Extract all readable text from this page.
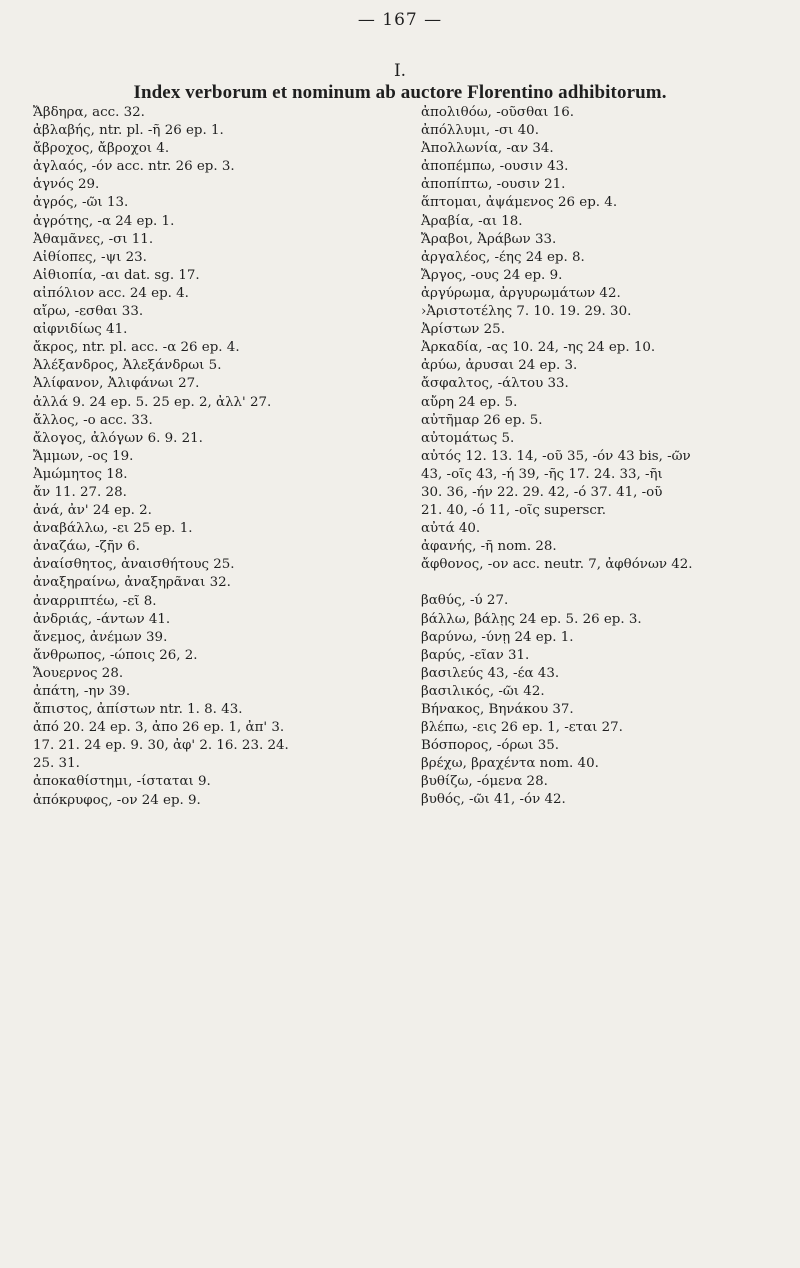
— 167 —
I.
Index verborum et nominum ab auctore Florentino adhibitorum.
Ἄβδηρα, acc. 32.
ἀβλαβής, ntr. pl. -ῆ 26 ep. 1.
ἄβροχος, ἄβροχοι 4.
ἀγλαός, -όν acc. ntr. 26 ep. 3.
ἁγνός 29.
ἀγρός, -ῶι 13.
ἀγρότης, -α 24 ep. 1.
Ἀθαμᾶνες, -σι 11.
Αἰθίοπες, -ψι 23.
Αἰθιοπία, -αι dat. sg. 17.
αἰπόλιον acc. 24 ep. 4.
αἴρω, -εσθαι 33.
αἰφνιδίως 41.
ἄκρος, ntr. pl. acc. -α 26 ep. 4.
Ἀλέξανδρος, Ἀλεξάνδρωι 5.
Ἀλίφανον, Ἀλιφάνωι 27.
ἀλλά 9. 24 ep. 5. 25 ep. 2, ἀλλ' 27.
ἄλλος, -ο acc. 33.
ἄλογος, ἀλόγων 6. 9. 21.
Ἄμμων, -ος 19.
Ἀμώμητος 18.
ἄν 11. 27. 28.
ἀνά, ἀν' 24 ep. 2.
ἀναβάλλω, -ει 25 ep. 1.
ἀναζάω, -ζῆν 6.
ἀναίσθητος, ἀναισθήτους 25.
ἀναξηραίνω, ἀναξηρᾶναι 32.
ἀναρριπτέω, -εῖ 8.
ἀνδριάς, -άντων 41.
ἄνεμος, ἀνέμων 39.
ἄνθρωπος, -ώποις 26, 2.
Ἄουερνος 28.
ἀπάτη, -ην 39.
ἄπιστος, ἀπίστων ntr. 1. 8. 43.
ἀπό 20. 24 ep. 3, ἀπο 26 ep. 1, ἀπ' 3.
17. 21. 24 ep. 9. 30, ἀφ' 2. 16. 23. 24.
25. 31.
ἀποκαθίστημι, -ίσταται 9.
ἀπόκρυφος, -ον 24 ep. 9.
ἀπολιθόω, -οῦσθαι 16.
ἀπόλλυμι, -σι 40.
Ἀπολλωνία, -αν 34.
ἀποπέμπω, -ουσιν 43.
ἀποπίπτω, -ουσιν 21.
ἅπτομαι, ἀψάμενος 26 ep. 4.
Ἀραβία, -αι 18.
Ἄραβοι, Ἀράβων 33.
ἀργαλέος, -έης 24 ep. 8.
Ἄργος, -ους 24 ep. 9.
ἀργύρωμα, ἀργυρωμάτων 42.
›Ἀριστοτέλης 7. 10. 19. 29. 30.
Ἀρίστων 25.
Ἀρκαδία, -ας 10. 24, -ης 24 ep. 10.
ἀρύω, ἀρυσαι 24 ep. 3.
ἄσφαλτος, -άλτου 33.
αὔρη 24 ep. 5.
αὐτῆμαρ 26 ep. 5.
αὐτομάτως 5.
αὐτός 12. 13. 14, -οῦ 35, -όν 43 bis, -ῶν
43, -οῖς 43, -ή 39, -ῆς 17. 24. 33, -ῆι
30. 36, -ήν 22. 29. 42, -ό 37. 41, -οῦ
21. 40, -ό 11, -οῖς superscr.
αὐτά 40.
ἀφανής, -ῆ nom. 28.
ἄφθονος, -ον acc. neutr. 7, ἀφθόνων 42.
βαθύς, -ύ 27.
βάλλω, βάλῃς 24 ep. 5. 26 ep. 3.
βαρύνω, -ύνῃ 24 ep. 1.
βαρύς, -εῖαν 31.
βασιλεύς 43, -έα 43.
βασιλικός, -ῶι 42.
Βήνακος, Βηνάκου 37.
βλέπω, -εις 26 ep. 1, -εται 27.
Βόσπορος, -όρωι 35.
βρέχω, βραχέντα nom. 40.
βυθίζω, -όμενα 28.
βυθός, -ῶι 41, -όν 42.
